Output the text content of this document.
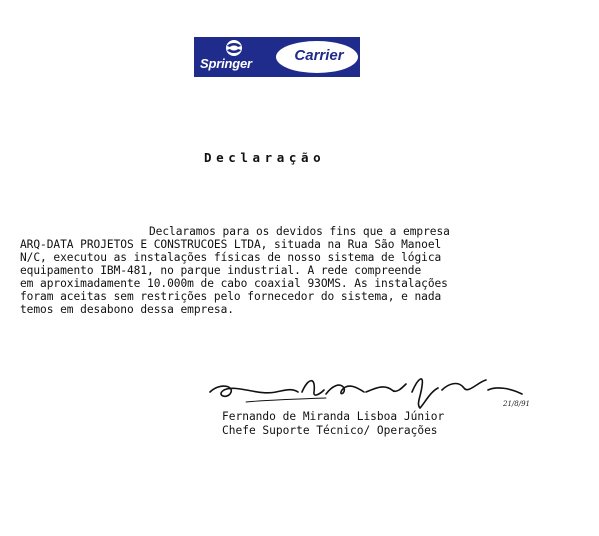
Springer	Carrier
Declaração
Declaramos para os devidos fins que a empresa
ARQ-DATA PROJETOS E CONSTRUCOES LTDA, situada na Rua São Manoel
N/C, executou as instalações físicas de nosso sistema de lógica
equipamento IBM-481, no parque industrial. A rede compreende
em aproximadamente 10.000m de cabo coaxial 93OMS. As instalações
foram aceitas sem restrições pelo fornecedor do sistema, e nada
temos em desabono dessa empresa.
21/8/91
Fernando de Miranda Lisboa Júnior
Chefe Suporte Técnico/ Operações
